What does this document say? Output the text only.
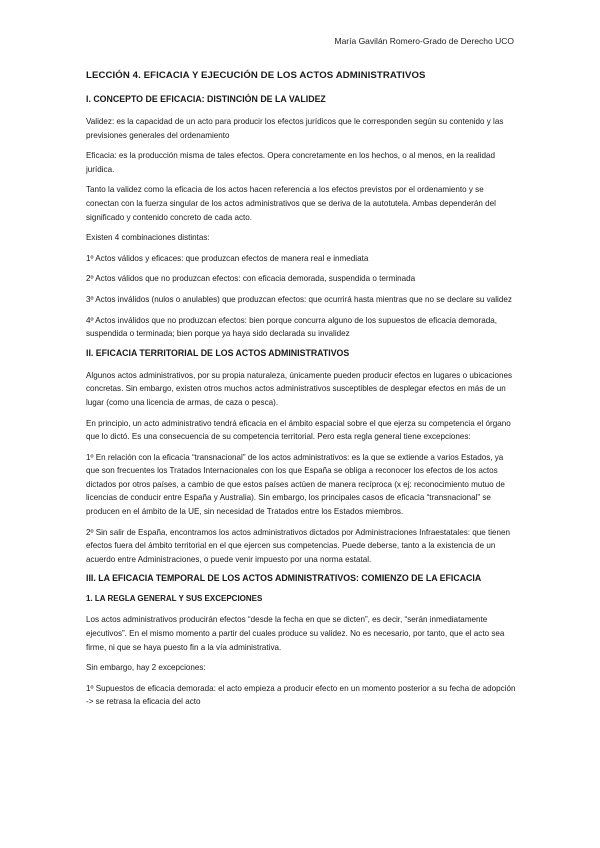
María Gavilán Romero-Grado de Derecho UCO

LECCIÓN 4. EFICACIA Y EJECUCIÓN DE LOS ACTOS ADMINISTRATIVOS

I. CONCEPTO DE EFICACIA: DISTINCIÓN DE LA VALIDEZ

Validez: es la capacidad de un acto para producir los efectos jurídicos que le corresponden según su contenido y las previsiones generales del ordenamiento

Eficacia: es la producción misma de tales efectos. Opera concretamente en los hechos, o al menos, en la realidad jurídica.

Tanto la validez como la eficacia de los actos hacen referencia a los efectos previstos por el ordenamiento y se conectan con la fuerza singular de los actos administrativos que se deriva de la autotutela. Ambas dependerán del significado y contenido concreto de cada acto.

Existen 4 combinaciones distintas:

1º Actos válidos y eficaces: que produzcan efectos de manera real e inmediata

2º Actos válidos que no produzcan efectos: con eficacia demorada, suspendida o terminada

3º Actos inválidos (nulos o anulables) que produzcan efectos: que ocurrirá hasta mientras que no se declare su validez

4º Actos inválidos que no produzcan efectos: bien porque concurra alguno de los supuestos de eficacia demorada, suspendida o terminada; bien porque ya haya sido declarada su invalidez

II. EFICACIA TERRITORIAL DE LOS ACTOS ADMINISTRATIVOS

Algunos actos administrativos, por su propia naturaleza, únicamente pueden producir efectos en lugares o ubicaciones concretas. Sin embargo, existen otros muchos actos administrativos susceptibles de desplegar efectos en más de un lugar (como una licencia de armas, de caza o pesca).

En principio, un acto administrativo tendrá eficacia en el ámbito espacial sobre el que ejerza su competencia el órgano que lo dictó. Es una consecuencia de su competencia territorial. Pero esta regla general tiene excepciones:

1º En relación con la eficacia “transnacional” de los actos administrativos: es la que se extiende a varios Estados, ya que son frecuentes los Tratados Internacionales con los que España se obliga a reconocer los efectos de los actos dictados por otros países, a cambio de que estos países actúen de manera recíproca (x ej: reconocimiento mutuo de licencias de conducir entre España y Australia). Sin embargo, los principales casos de eficacia “transnacional” se producen en el ámbito de la UE, sin necesidad de Tratados entre los Estados miembros.

2º Sin salir de España, encontramos los actos administrativos dictados por Administraciones Infraestatales: que tienen efectos fuera del ámbito territorial en el que ejercen sus competencias. Puede deberse, tanto a la existencia de un acuerdo entre Administraciones, o puede venir impuesto por una norma estatal.

III. LA EFICACIA TEMPORAL DE LOS ACTOS ADMINISTRATIVOS: COMIENZO DE LA EFICACIA

1. LA REGLA GENERAL Y SUS EXCEPCIONES

Los actos administrativos producirán efectos “desde la fecha en que se dicten”, es decir, “serán inmediatamente ejecutivos”. En el mismo momento a partir del cuales produce su validez. No es necesario, por tanto, que el acto sea firme, ni que se haya puesto fin a la vía administrativa.

Sin embargo, hay 2 excepciones:

1º Supuestos de eficacia demorada: el acto empieza a producir efecto en un momento posterior a su fecha de adopción -> se retrasa la eficacia del acto
